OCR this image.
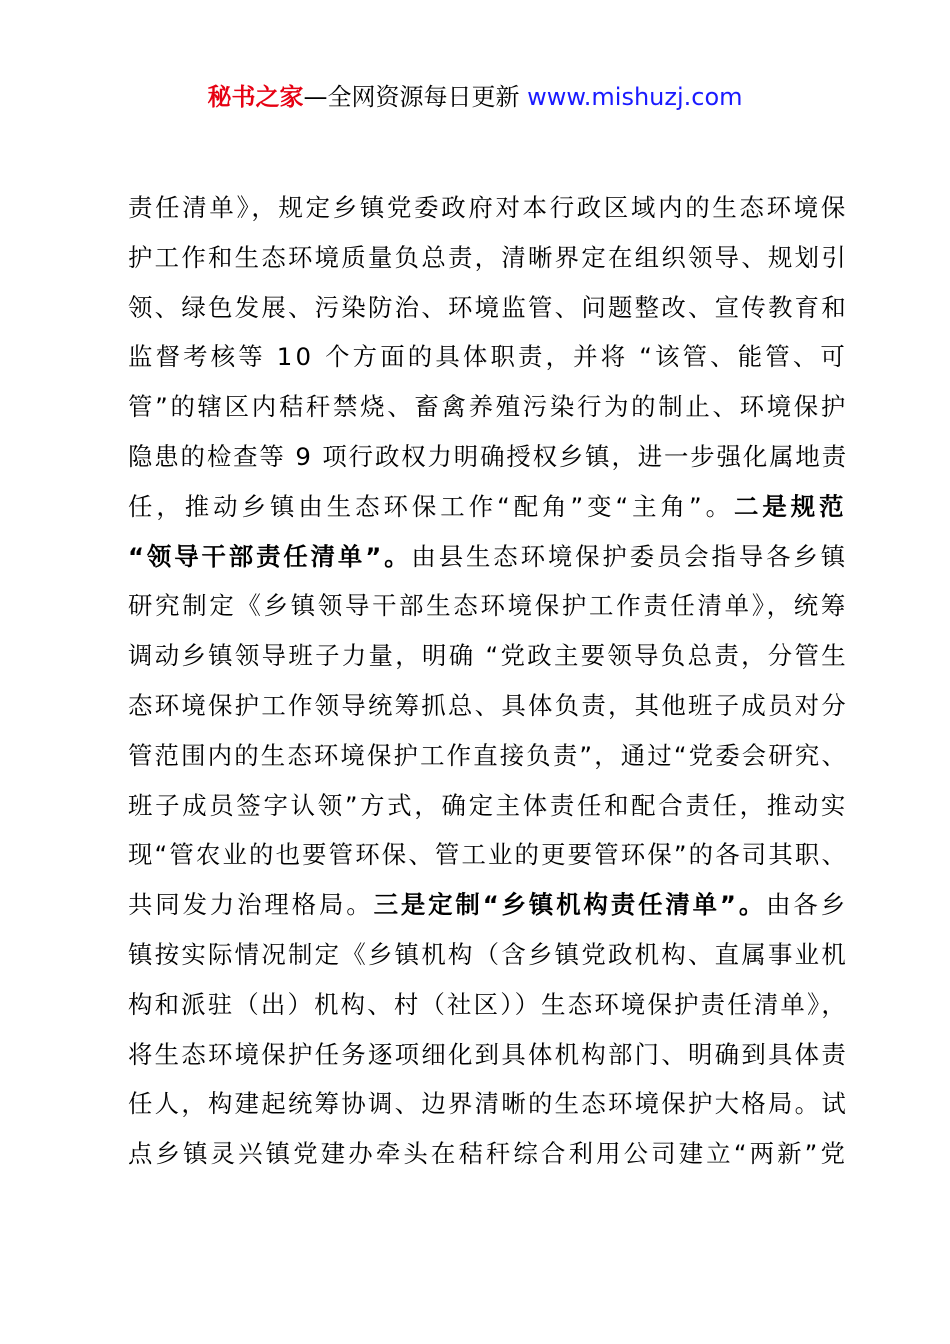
秘书之家—全网资源每日更新 www.mishuzj.com
责任清单》，规定乡镇党委政府对本行政区域内的生态环境保
护工作和生态环境质量负总责，清晰界定在组织领导、规划引
领、绿色发展、污染防治、环境监管、问题整改、宣传教育和
监督考核等 10 个方面的具体职责，并将 “该管、能管、可
管”的辖区内秸秆禁烧、畜禽养殖污染行为的制止、环境保护
隐患的检查等 9 项行政权力明确授权乡镇，进一步强化属地责
任，推动乡镇由生态环保工作“配角”变“主角”。二是规范
“领导干部责任清单”。由县生态环境保护委员会指导各乡镇
研究制定《乡镇领导干部生态环境保护工作责任清单》，统筹
调动乡镇领导班子力量，明确 “党政主要领导负总责，分管生
态环境保护工作领导统筹抓总、具体负责，其他班子成员对分
管范围内的生态环境保护工作直接负责”，通过“党委会研究、
班子成员签字认领”方式，确定主体责任和配合责任，推动实
现“管农业的也要管环保、管工业的更要管环保”的各司其职、
共同发力治理格局。三是定制“乡镇机构责任清单”。由各乡
镇按实际情况制定《乡镇机构（含乡镇党政机构、直属事业机
构和派驻（出）机构、村（社区））生态环境保护责任清单》，
将生态环境保护任务逐项细化到具体机构部门、明确到具体责
任人，构建起统筹协调、边界清晰的生态环境保护大格局。试
点乡镇灵兴镇党建办牵头在秸秆综合利用公司建立“两新”党
